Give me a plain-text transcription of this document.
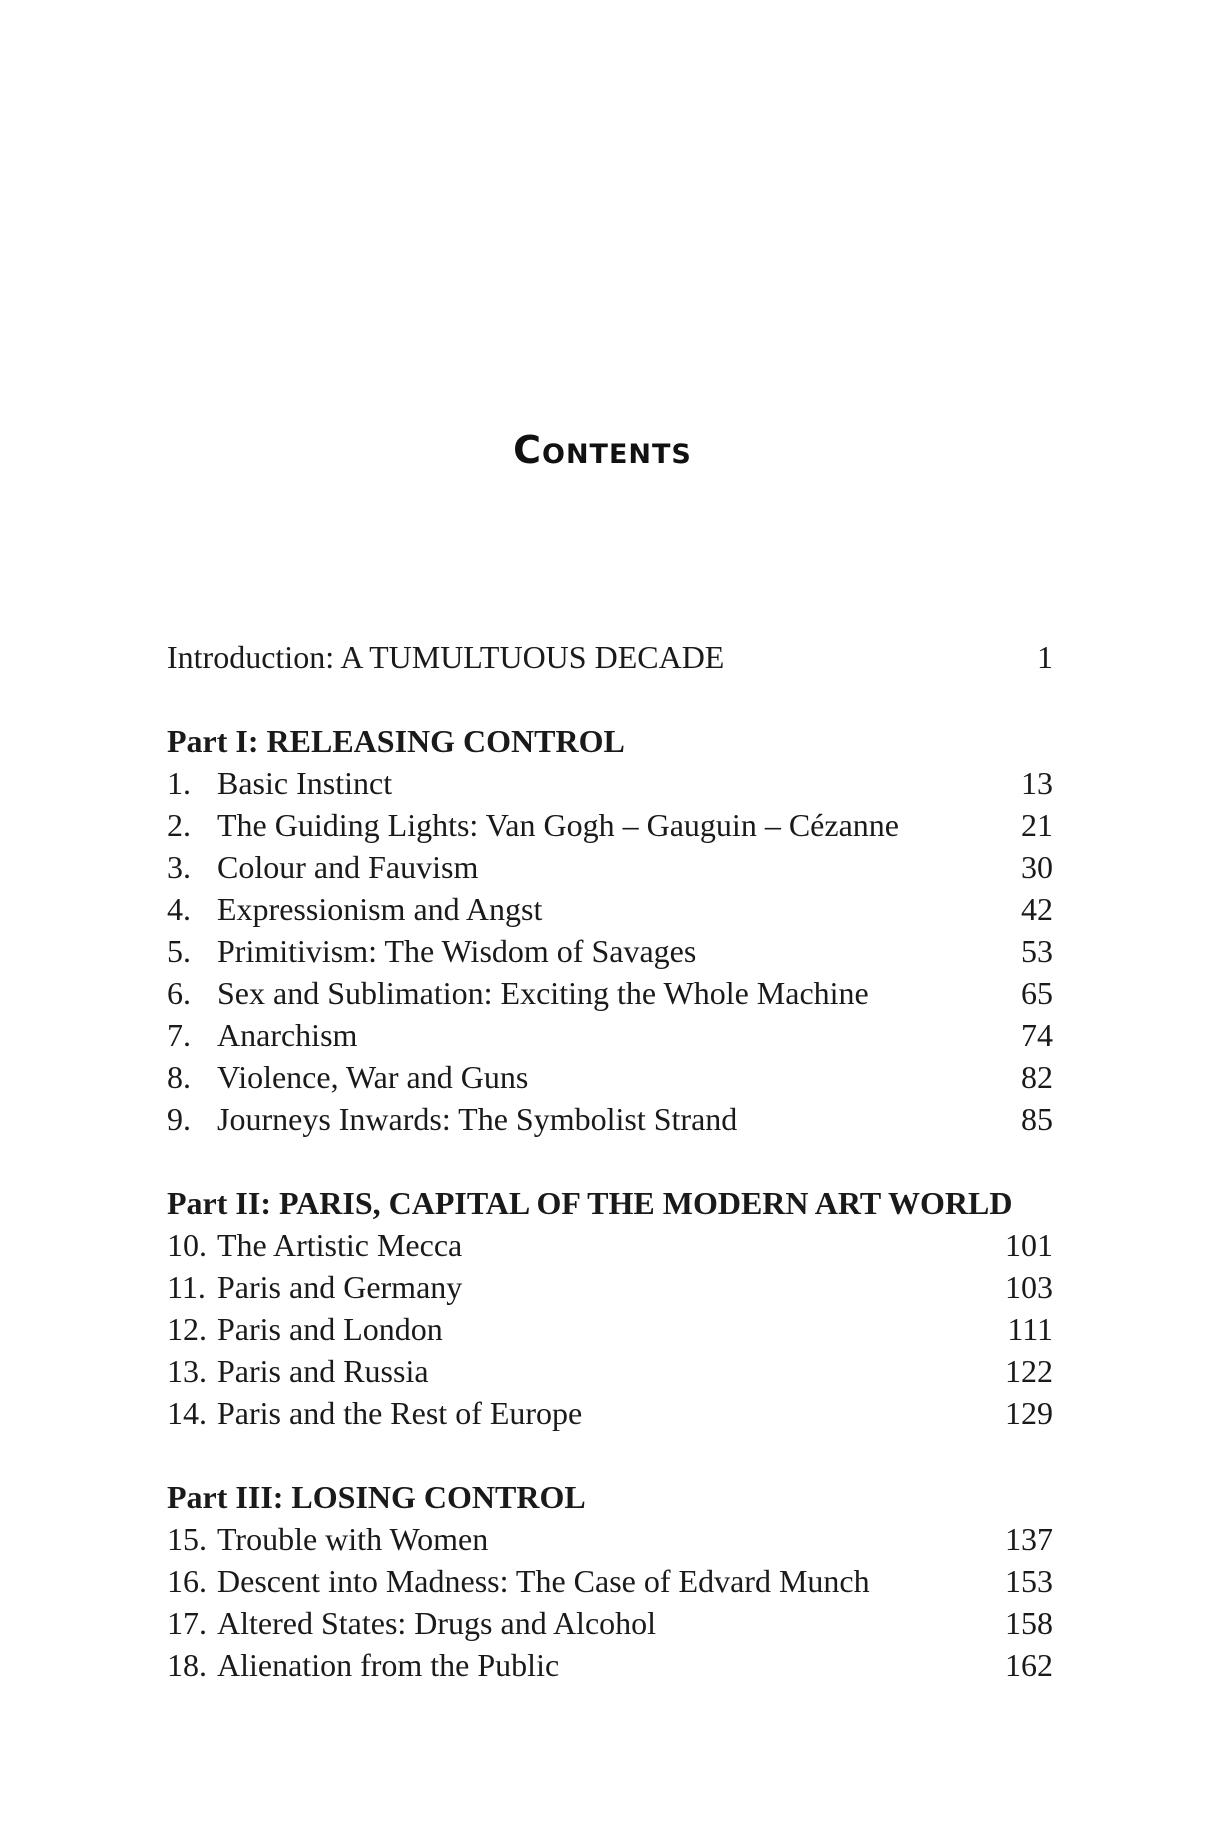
Contents
Introduction: A TUMULTUOUS DECADE	1
Part I: RELEASING CONTROL
1. Basic Instinct	13
2. The Guiding Lights: Van Gogh – Gauguin – Cézanne	21
3. Colour and Fauvism	30
4. Expressionism and Angst	42
5. Primitivism: The Wisdom of Savages	53
6. Sex and Sublimation: Exciting the Whole Machine	65
7. Anarchism	74
8. Violence, War and Guns	82
9. Journeys Inwards: The Symbolist Strand	85
Part II: PARIS, CAPITAL OF THE MODERN ART WORLD
10. The Artistic Mecca	101
11. Paris and Germany	103
12. Paris and London	111
13. Paris and Russia	122
14. Paris and the Rest of Europe	129
Part III: LOSING CONTROL
15. Trouble with Women	137
16. Descent into Madness: The Case of Edvard Munch	153
17. Altered States: Drugs and Alcohol	158
18. Alienation from the Public	162
